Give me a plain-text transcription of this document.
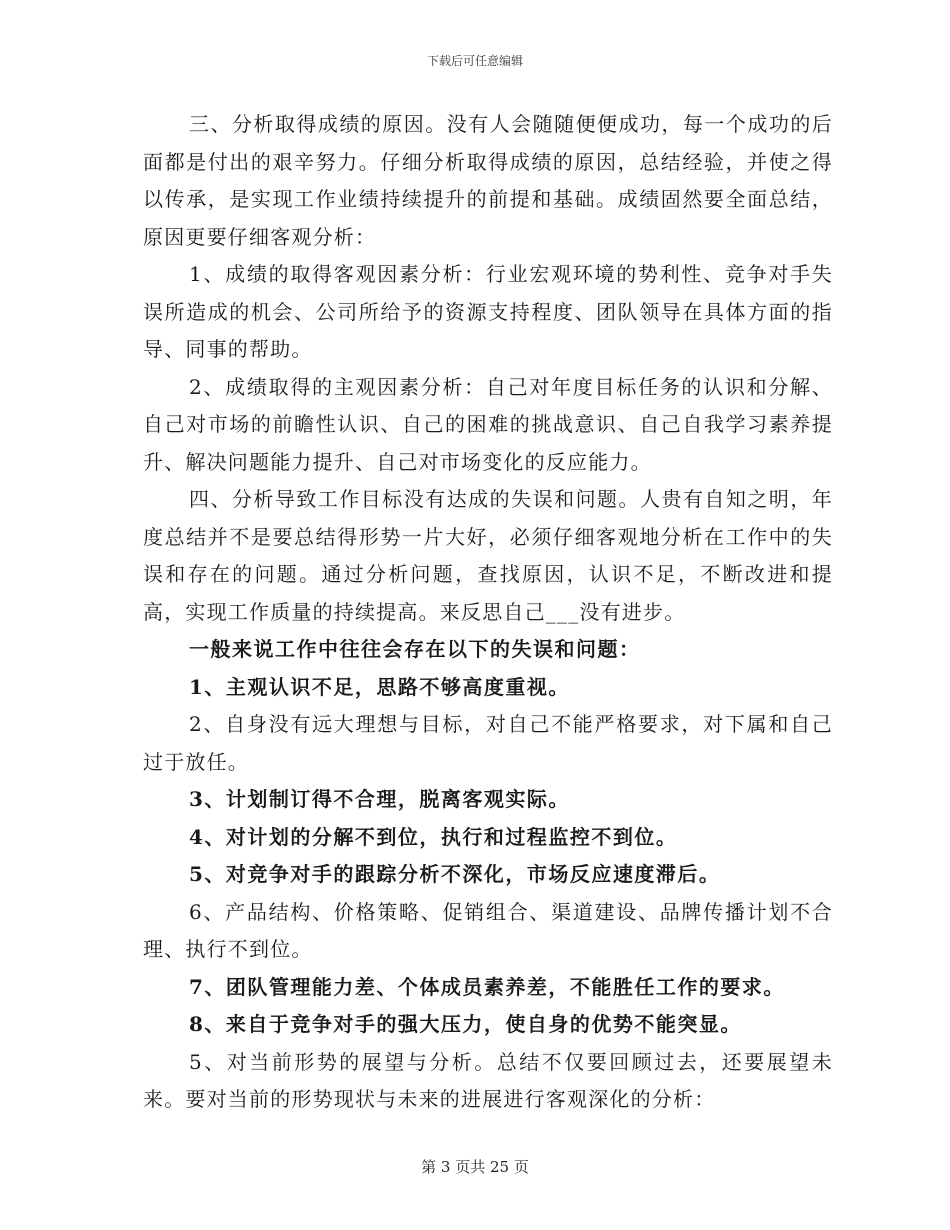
下载后可任意编辑

三、分析取得成绩的原因。没有人会随随便便成功，每一个成功的后面都是付出的艰辛努力。仔细分析取得成绩的原因，总结经验，并使之得以传承，是实现工作业绩持续提升的前提和基础。成绩固然要全面总结，原因更要仔细客观分析：

1、成绩的取得客观因素分析：行业宏观环境的势利性、竞争对手失误所造成的机会、公司所给予的资源支持程度、团队领导在具体方面的指导、同事的帮助。

2、成绩取得的主观因素分析：自己对年度目标任务的认识和分解、自己对市场的前瞻性认识、自己的困难的挑战意识、自己自我学习素养提升、解决问题能力提升、自己对市场变化的反应能力。

四、分析导致工作目标没有达成的失误和问题。人贵有自知之明，年度总结并不是要总结得形势一片大好，必须仔细客观地分析在工作中的失误和存在的问题。通过分析问题，查找原因，认识不足，不断改进和提高，实现工作质量的持续提高。来反思自己___没有进步。

一般来说工作中往往会存在以下的失误和问题：

1、主观认识不足，思路不够高度重视。

2、自身没有远大理想与目标，对自己不能严格要求，对下属和自己过于放任。

3、计划制订得不合理，脱离客观实际。

4、对计划的分解不到位，执行和过程监控不到位。

5、对竞争对手的跟踪分析不深化，市场反应速度滞后。

6、产品结构、价格策略、促销组合、渠道建设、品牌传播计划不合理、执行不到位。

7、团队管理能力差、个体成员素养差，不能胜任工作的要求。

8、来自于竞争对手的强大压力，使自身的优势不能突显。

5、对当前形势的展望与分析。总结不仅要回顾过去，还要展望未来。要对当前的形势现状与未来的进展进行客观深化的分析：

第 3 页共 25 页
